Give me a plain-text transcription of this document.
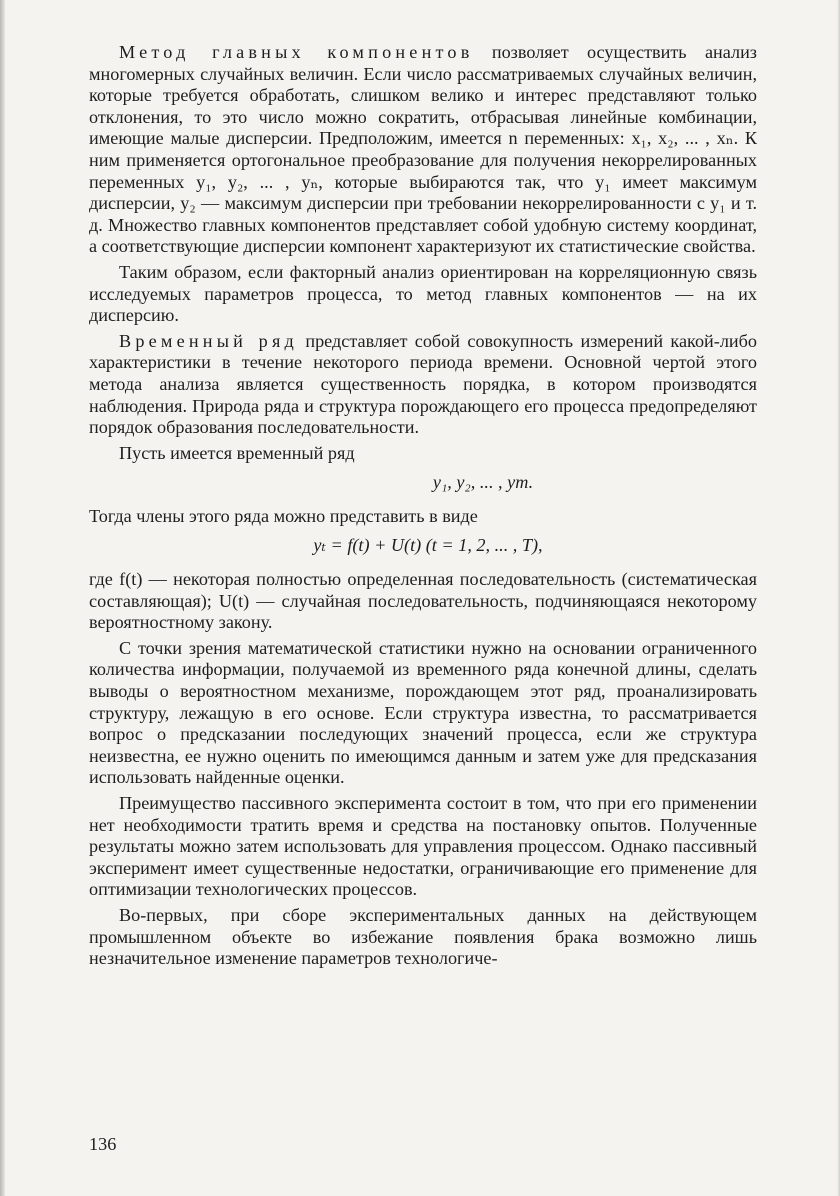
Метод главных компонентов позволяет осуществить анализ многомерных случайных величин. Если число рассматриваемых случайных величин, которые требуется обработать, слишком велико и интерес представляют только отклонения, то это число можно сократить, отбрасывая линейные комбинации, имеющие малые дисперсии. Предположим, имеется n переменных: x₁, x₂, ... , xₙ. К ним применяется ортогональное преобразование для получения некоррелированных переменных y₁, y₂, ... , yₙ, которые выбираются так, что y₁ имеет максимум дисперсии, y₂ — максимум дисперсии при требовании некоррелированности с y₁ и т. д. Множество главных компонентов представляет собой удобную систему координат, а соответствующие дисперсии компонент характеризуют их статистические свойства.

Таким образом, если факторный анализ ориентирован на корреляционную связь исследуемых параметров процесса, то метод главных компонентов — на их дисперсию.

Временный ряд представляет собой совокупность измерений какой-либо характеристики в течение некоторого периода времени. Основной чертой этого метода анализа является существенность порядка, в котором производятся наблюдения. Природа ряда и структура порождающего его процесса предопределяют порядок образования последовательности.

Пусть имеется временный ряд

y₁, y₂, ... , yт.

Тогда члены этого ряда можно представить в виде

yₜ = f(t) + U(t) (t = 1, 2, ... , T),

где f(t) — некоторая полностью определенная последовательность (систематическая составляющая); U(t) — случайная последовательность, подчиняющаяся некоторому вероятностному закону.

С точки зрения математической статистики нужно на основании ограниченного количества информации, получаемой из временного ряда конечной длины, сделать выводы о вероятностном механизме, порождающем этот ряд, проанализировать структуру, лежащую в его основе. Если структура известна, то рассматривается вопрос о предсказании последующих значений процесса, если же структура неизвестна, ее нужно оценить по имеющимся данным и затем уже для предсказания использовать найденные оценки.

Преимущество пассивного эксперимента состоит в том, что при его применении нет необходимости тратить время и средства на постановку опытов. Полученные результаты можно затем использовать для управления процессом. Однако пассивный эксперимент имеет существенные недостатки, ограничивающие его применение для оптимизации технологических процессов.

Во-первых, при сборе экспериментальных данных на действующем промышленном объекте во избежание появления брака возможно лишь незначительное изменение параметров технологиче-

136
